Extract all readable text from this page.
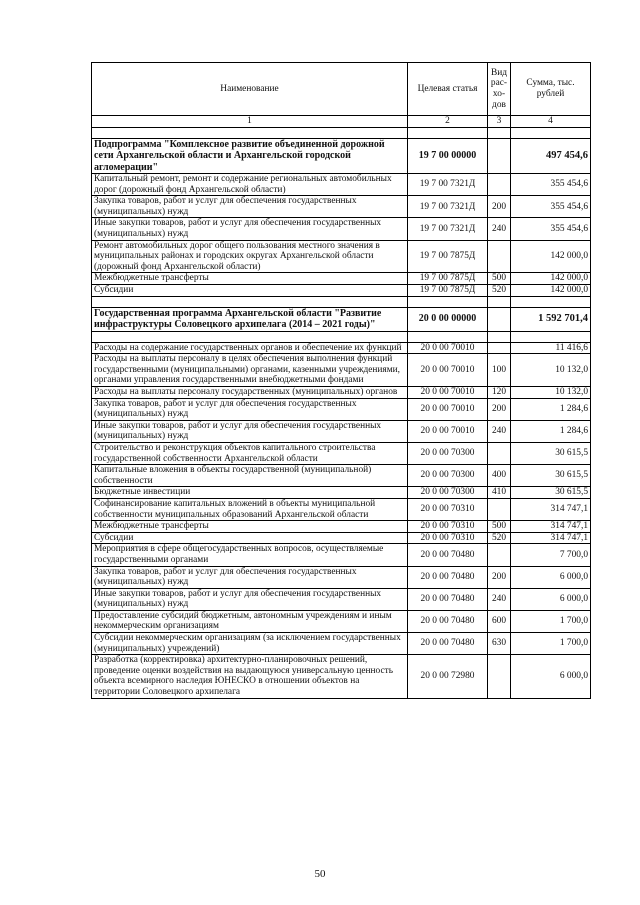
Наименование	Целевая статья	Вид рас-хо-дов	Сумма, тыс. рублей
1	2	3	4

Подпрограмма "Комплексное развитие объединенной дорожной сети Архангельской области и Архангельской городской агломерации"	19 7 00 00000		497 454,6
Капитальный ремонт, ремонт и содержание региональных автомобильных дорог (дорожный фонд Архангельской области)	19 7 00 7321Д		355 454,6
Закупка товаров, работ и услуг для обеспечения государственных (муниципальных) нужд	19 7 00 7321Д	200	355 454,6
Иные закупки товаров, работ и услуг для обеспечения государственных (муниципальных) нужд	19 7 00 7321Д	240	355 454,6
Ремонт автомобильных дорог общего пользования местного значения в муниципальных районах и городских округах Архангельской области (дорожный фонд Архангельской области)	19 7 00 7875Д		142 000,0
Межбюджетные трансферты	19 7 00 7875Д	500	142 000,0
Субсидии	19 7 00 7875Д	520	142 000,0

Государственная программа Архангельской области "Развитие инфраструктуры Соловецкого архипелага (2014 – 2021 годы)"	20 0 00 00000		1 592 701,4

Расходы на содержание государственных органов и обеспечение их функций	20 0 00 70010		11 416,6
Расходы на выплаты персоналу в целях обеспечения выполнения функций государственными (муниципальными) органами, казенными учреждениями, органами управления государственными внебюджетными фондами	20 0 00 70010	100	10 132,0
Расходы на выплаты персоналу государственных (муниципальных) органов	20 0 00 70010	120	10 132,0
Закупка товаров, работ и услуг для обеспечения государственных (муниципальных) нужд	20 0 00 70010	200	1 284,6
Иные закупки товаров, работ и услуг для обеспечения государственных (муниципальных) нужд	20 0 00 70010	240	1 284,6
Строительство и реконструкция объектов капитального строительства государственной собственности Архангельской области	20 0 00 70300		30 615,5
Капитальные вложения в объекты государственной (муниципальной) собственности	20 0 00 70300	400	30 615,5
Бюджетные инвестиции	20 0 00 70300	410	30 615,5
Софинансирование капитальных вложений в объекты муниципальной собственности муниципальных образований Архангельской области	20 0 00 70310		314 747,1
Межбюджетные трансферты	20 0 00 70310	500	314 747,1
Субсидии	20 0 00 70310	520	314 747,1
Мероприятия в сфере общегосударственных вопросов, осуществляемые государственными органами	20 0 00 70480		7 700,0
Закупка товаров, работ и услуг для обеспечения государственных (муниципальных) нужд	20 0 00 70480	200	6 000,0
Иные закупки товаров, работ и услуг для обеспечения государственных (муниципальных) нужд	20 0 00 70480	240	6 000,0
Предоставление субсидий бюджетным, автономным учреждениям и иным некоммерческим организациям	20 0 00 70480	600	1 700,0
Субсидии некоммерческим организациям (за исключением государственных (муниципальных) учреждений)	20 0 00 70480	630	1 700,0
Разработка (корректировка) архитектурно-планировочных решений, проведение оценки воздействия на выдающуюся универсальную ценность объекта всемирного наследия ЮНЕСКО в отношении объектов на территории Соловецкого архипелага	20 0 00 72980		6 000,0
50
